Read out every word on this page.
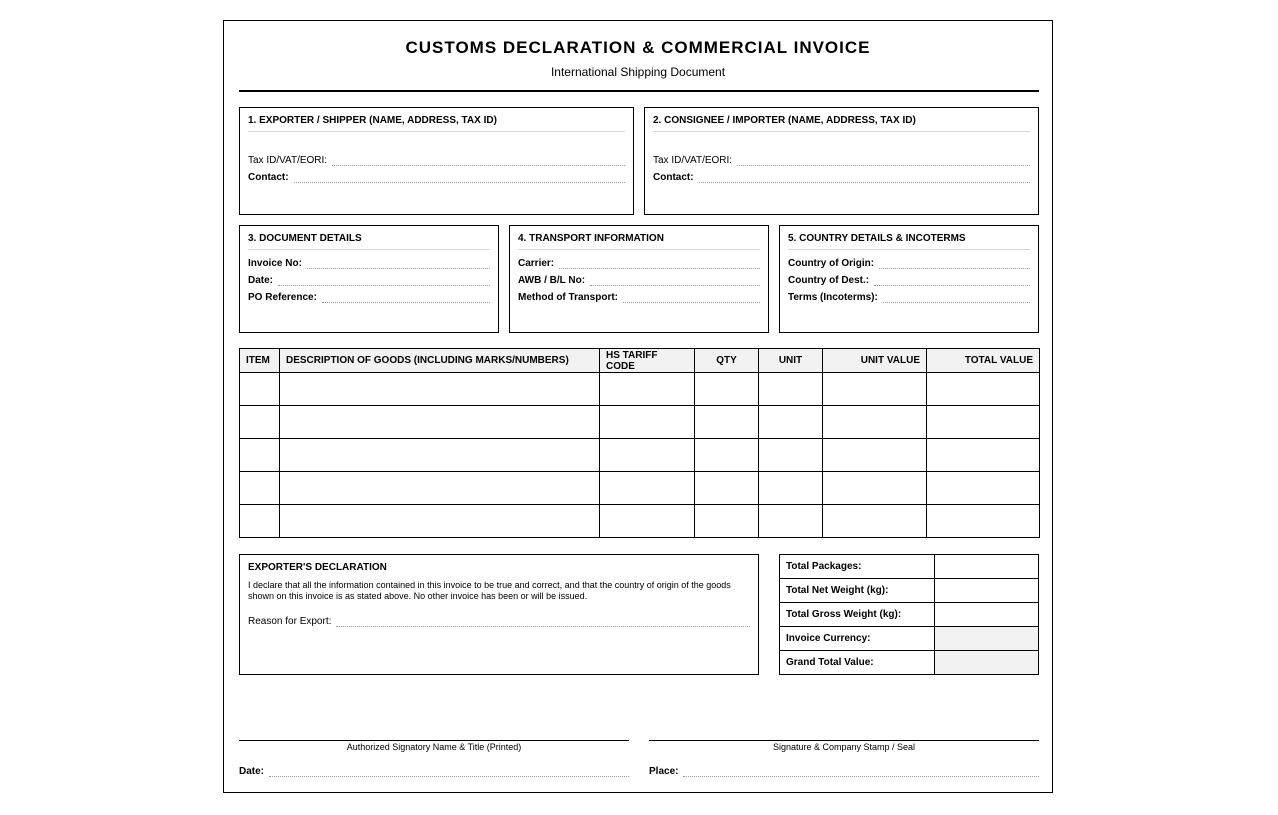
CUSTOMS DECLARATION & COMMERCIAL INVOICE
International Shipping Document
1. EXPORTER / SHIPPER (NAME, ADDRESS, TAX ID)
Tax ID/VAT/EORI:
Contact:
2. CONSIGNEE / IMPORTER (NAME, ADDRESS, TAX ID)
Tax ID/VAT/EORI:
Contact:
3. DOCUMENT DETAILS
Invoice No:
Date:
PO Reference:
4. TRANSPORT INFORMATION
Carrier:
AWB / B/L No:
Method of Transport:
5. COUNTRY DETAILS & INCOTERMS
Country of Origin:
Country of Dest.:
Terms (Incoterms):
ITEM	DESCRIPTION OF GOODS (INCLUDING MARKS/NUMBERS)	HS TARIFF CODE	QTY	UNIT	UNIT VALUE	TOTAL VALUE

EXPORTER'S DECLARATION
I declare that all the information contained in this invoice to be true and correct, and that the country of origin of the goods shown on this invoice is as stated above. No other invoice has been or will be issued.
Reason for Export:
Total Packages:	
Total Net Weight (kg):	
Total Gross Weight (kg):	
Invoice Currency:	
Grand Total Value:	
Authorized Signatory Name & Title (Printed)	Signature & Company Stamp / Seal
Date:	Place:
